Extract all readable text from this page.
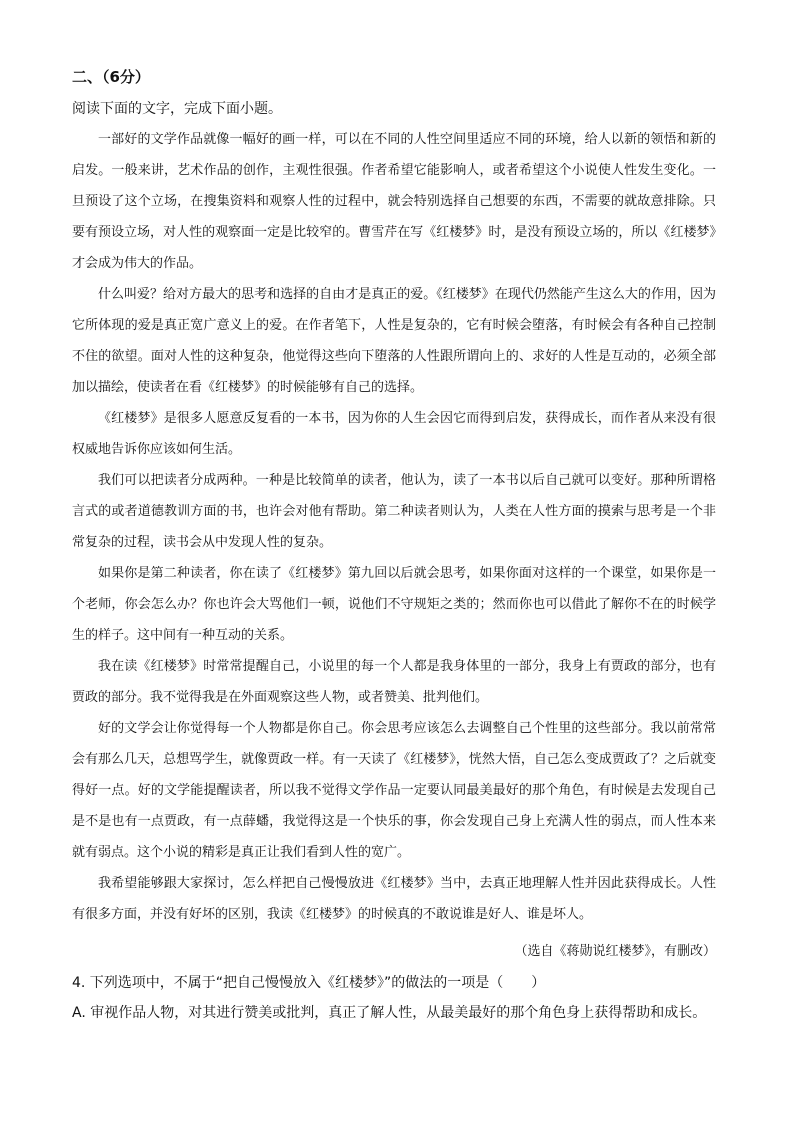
二、（6分）
阅读下面的文字，完成下面小题。

一部好的文学作品就像一幅好的画一样，可以在不同的人性空间里适应不同的环境，给人以新的领悟和新的启发。一般来讲，艺术作品的创作，主观性很强。作者希望它能影响人，或者希望这个小说使人性发生变化。一旦预设了这个立场，在搜集资料和观察人性的过程中，就会特别选择自己想要的东西，不需要的就故意排除。只要有预设立场，对人性的观察面一定是比较窄的。曹雪芹在写《红楼梦》时，是没有预设立场的，所以《红楼梦》才会成为伟大的作品。

什么叫爱？给对方最大的思考和选择的自由才是真正的爱。《红楼梦》在现代仍然能产生这么大的作用，因为它所体现的爱是真正宽广意义上的爱。在作者笔下，人性是复杂的，它有时候会堕落，有时候会有各种自己控制不住的欲望。面对人性的这种复杂，他觉得这些向下堕落的人性跟所谓向上的、求好的人性是互动的，必须全部加以描绘，使读者在看《红楼梦》的时候能够有自己的选择。

《红楼梦》是很多人愿意反复看的一本书，因为你的人生会因它而得到启发，获得成长，而作者从来没有很权威地告诉你应该如何生活。

我们可以把读者分成两种。一种是比较简单的读者，他认为，读了一本书以后自己就可以变好。那种所谓格言式的或者道德教训方面的书，也许会对他有帮助。第二种读者则认为，人类在人性方面的摸索与思考是一个非常复杂的过程，读书会从中发现人性的复杂。

如果你是第二种读者，你在读了《红楼梦》第九回以后就会思考，如果你面对这样的一个课堂，如果你是一个老师，你会怎么办？你也许会大骂他们一顿，说他们不守规矩之类的；然而你也可以借此了解你不在的时候学生的样子。这中间有一种互动的关系。

我在读《红楼梦》时常常提醒自己，小说里的每一个人都是我身体里的一部分，我身上有贾政的部分，也有贾政的部分。我不觉得我是在外面观察这些人物，或者赞美、批判他们。

好的文学会让你觉得每一个人物都是你自己。你会思考应该怎么去调整自己个性里的这些部分。我以前常常会有那么几天，总想骂学生，就像贾政一样。有一天读了《红楼梦》，恍然大悟，自己怎么变成贾政了？之后就变得好一点。好的文学能提醒读者，所以我不觉得文学作品一定要认同最美最好的那个角色，有时候是去发现自己是不是也有一点贾政，有一点薛蟠，我觉得这是一个快乐的事，你会发现自己身上充满人性的弱点，而人性本来就有弱点。这个小说的精彩是真正让我们看到人性的宽广。

我希望能够跟大家探讨，怎么样把自己慢慢放进《红楼梦》当中，去真正地理解人性并因此获得成长。人性有很多方面，并没有好坏的区别，我读《红楼梦》的时候真的不敢说谁是好人、谁是坏人。

（选自《蒋勋说红楼梦》，有删改）
4. 下列选项中，不属于“把自己慢慢放入《红楼梦》”的做法的一项是（　　）
A. 审视作品人物，对其进行赞美或批判，真正了解人性，从最美最好的那个角色身上获得帮助和成长。
